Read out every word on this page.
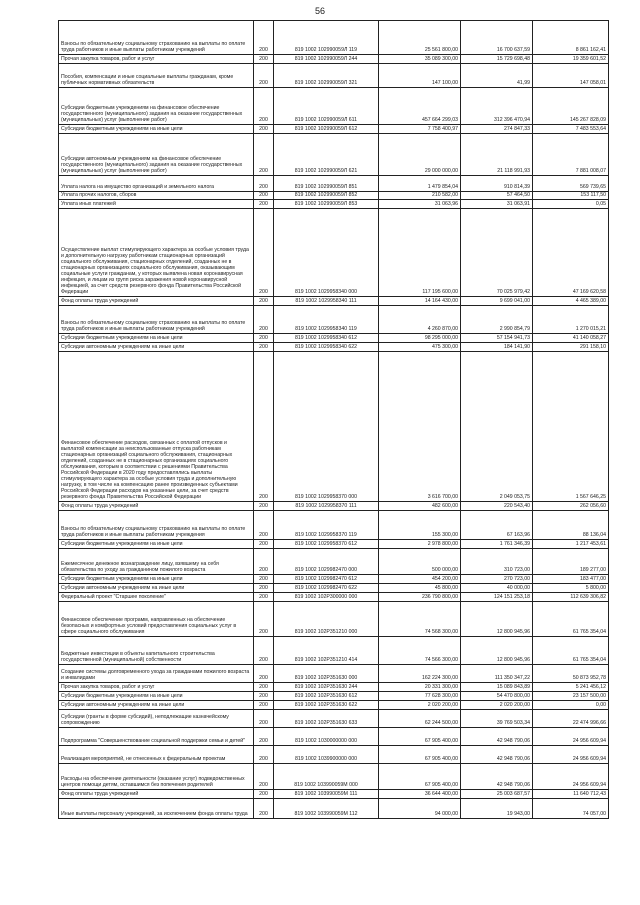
56
Взносы по обязательному социальному страхованию на выплаты по оплате труда работников и иные выплаты работникам учреждений	200	819 1002 102990059Л 119	25 561 800,00	16 700 637,59	8 861 162,41
Прочая закупка товаров, работ и услуг	200	819 1002 102990059Л 244	35 089 300,00	15 729 698,48	19 359 601,52
Пособия, компенсации и иные социальные выплаты гражданам, кроме публичных нормативных обязательств	200	819 1002 102990059Л 321	147 100,00	41,99	147 058,01
Субсидии бюджетным учреждениям на финансовое обеспечение государственного (муниципального) задания на оказание государственных (муниципальных) услуг (выполнение работ)	200	819 1002 102990059Л 611	457 664 299,03	312 396 470,94	145 267 828,09
Субсидии бюджетным учреждениям на иные цели	200	819 1002 102990059Л 612	7 758 400,97	274 847,33	7 483 553,64
Субсидии автономным учреждениям на финансовое обеспечение государственного (муниципального) задания на оказание государственных (муниципальных) услуг (выполнение работ)	200	819 1002 102990059Л 621	29 000 000,00	21 118 991,93	7 881 008,07
Уплата налога на имущество организаций и земельного налога	200	819 1002 102990059Л 851	1 479 854,04	910 814,39	569 739,65
Уплата прочих налогов, сборов	200	819 1002 102990059Л 852	210 582,00	57 464,50	153 117,50
Уплата иных платежей	200	819 1002 102990059Л 853	31 063,96	31 063,91	0,05
Осуществление выплат стимулирующего характера за особые условия труда и дополнительную нагрузку работникам стационарных организаций социального обслуживания, стационарных отделений, созданных не в стационарных организациях социального обслуживания, оказывающим социальные услуги гражданам, у которых выявлена новая коронавирусная инфекция, и лицам из групп риска заражения новой коронавирусной инфекцией, за счет средств резервного фонда Правительства Российской Федерации	200	819 1002 1029958340 000	117 195 600,00	70 025 979,42	47 169 620,58
Фонд оплаты труда учреждений	200	819 1002 1029958340 111	14 164 430,00	9 699 041,00	4 465 389,00
Взносы по обязательному социальному страхованию на выплаты по оплате труда работников и иные выплаты работникам учреждений	200	819 1002 1029958340 119	4 260 870,00	2 990 854,79	1 270 015,21
Субсидии бюджетным учреждениям на иные цели	200	819 1002 1029958340 612	98 295 000,00	57 154 941,73	41 140 058,27
Субсидии автономным учреждениям на иные цели	200	819 1002 1029958340 622	475 300,00	184 141,90	291 158,10
Финансовое обеспечение расходов, связанных с оплатой отпусков и выплатой компенсации за неиспользованные отпуска работникам стационарных организаций социального обслуживания, стационарных отделений, созданных не в стационарных организациях социального обслуживания, которым в соответствии с решениями Правительства Российской Федерации в 2020 году предоставлялись выплаты стимулирующего характера за особые условия труда и дополнительную нагрузку, в том числе на компенсацию ранее произведенных субъектами Российской Федерации расходов на указанные цели, за счет средств резервного фонда Правительства Российской Федерации	200	819 1002 1029958370 000	3 616 700,00	2 049 053,75	1 567 646,25
Фонд оплаты труда учреждений	200	819 1002 1029958370 111	482 600,00	220 543,40	262 056,60
Взносы по обязательному социальному страхованию на выплаты по оплате труда работников и иные выплаты работникам учреждения	200	819 1002 1029958370 119	155 300,00	67 163,96	88 136,04
Субсидии бюджетным учреждениям на иные цели	200	819 1002 1029958370 612	2 978 800,00	1 761 346,39	1 217 453,61
Ежемесячное денежное вознаграждение лицу, взявшему на себя обязательства по уходу за гражданином пожилого возраста	200	819 1002 1029982470 000	500 000,00	310 723,00	189 277,00
Субсидии бюджетным учреждениям на иные цели	200	819 1002 1029982470 612	454 200,00	270 723,00	183 477,00
Субсидии автономным учреждениям на иные цели	200	819 1002 1029982470 622	45 800,00	40 000,00	5 800,00
Федеральный проект "Старшее поколение"	200	819 1002 102P300000 000	236 790 800,00	124 151 253,18	112 639 306,82
Финансовое обеспечение программ, направленных на обеспечение безопасных и комфортных условий предоставления социальных услуг в сфере социального обслуживания	200	819 1002 102P351210 000	74 568 300,00	12 800 945,96	61 765 354,04
Бюджетные инвестиции в объекты капитального строительства государственной (муниципальной) собственности	200	819 1002 102P351210 414	74 566 300,00	12 800 945,96	61 765 354,04
Создание системы долговременного ухода за гражданами пожилого возраста и инвалидами	200	819 1002 102P351630 000	162 224 300,00	111 350 347,22	50 873 952,78
Прочая закупка товаров, работ и услуг	200	819 1002 102P351630 244	20 331 300,00	15 089 843,89	5 241 456,12
Субсидии бюджетным учреждениям на иные цели	200	819 1002 102P351630 612	77 628 300,00	54 470 800,00	23 157 500,00
Субсидии автономным учреждениям на иные цели	200	819 1002 102P351630 622	2 020 200,00	2 020 200,00	0,00
Субсидии (гранты в форме субсидий), неподлежащие казначейскому сопровождению	200	819 1002 102P351630 633	62 244 500,00	39 769 503,34	22 474 996,66
Подпрограмма "Совершенствование социальной поддержки семьи и детей"	200	819 1002 1030000000 000	67 905 400,00	42 948 790,06	24 956 609,94
Реализация мероприятий, не отнесенных к федеральным проектам	200	819 1002 1039900000 000	67 905 400,00	42 948 790,06	24 956 609,94
Расходы на обеспечение деятельности (оказание услуг) подведомственных центров помощи детям, оставшимся без попечения родителей	200	819 1002 103990059М 000	67 905 400,00	42 948 790,06	24 956 609,94
Фонд оплаты труда учреждений	200	819 1002 103990059М 111	36 644 400,00	25 003 687,57	11 640 712,43
Иные выплаты персоналу учреждений, за исключением фонда оплаты труда	200	819 1002 103990059М 112	94 000,00	19 943,00	74 057,00
